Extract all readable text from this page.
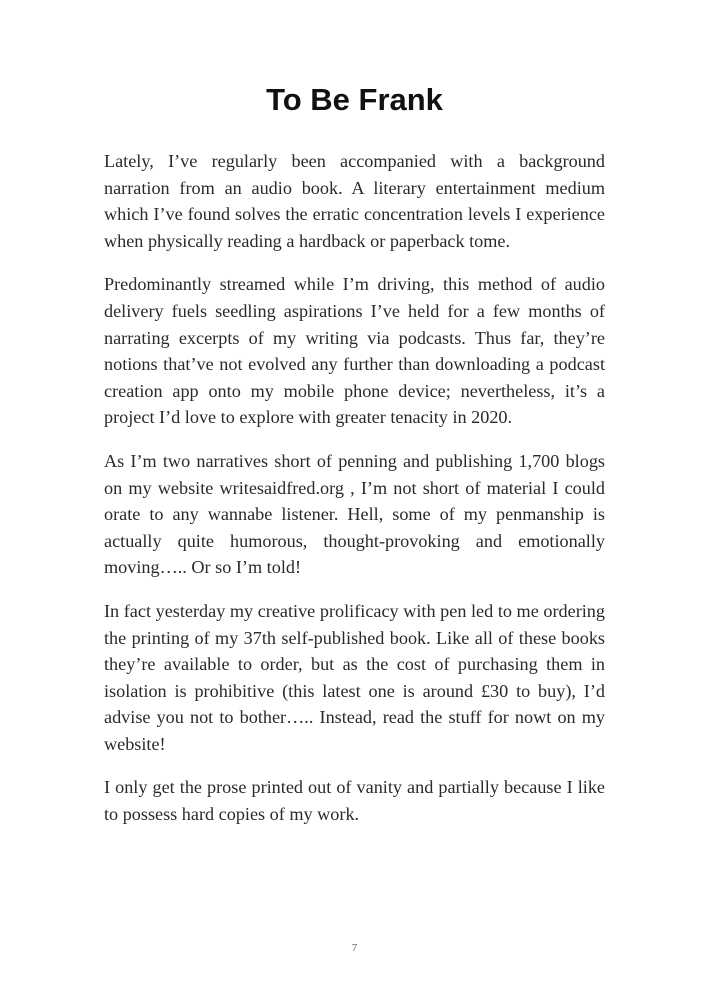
To Be Frank

Lately, I’ve regularly been accompanied with a background narration from an audio book. A literary entertainment medium which I’ve found solves the erratic concentration levels I experience when physically reading a hardback or paperback tome.

Predominantly streamed while I’m driving, this method of audio delivery fuels seedling aspirations I’ve held for a few months of narrating excerpts of my writing via podcasts. Thus far, they’re notions that’ve not evolved any further than downloading a podcast creation app onto my mobile phone device; nevertheless, it’s a project I’d love to explore with greater tenacity in 2020.

As I’m two narratives short of penning and publishing 1,700 blogs on my website writesaidfred.org , I’m not short of material I could orate to any wannabe listener. Hell, some of my penmanship is actually quite humorous, thought-provoking and emotionally moving….. Or so I’m told!

In fact yesterday my creative prolificacy with pen led to me ordering the printing of my 37th self-published book. Like all of these books they’re available to order, but as the cost of purchasing them in isolation is prohibitive (this latest one is around £30 to buy), I’d advise you not to bother….. Instead, read the stuff for nowt on my website!

I only get the prose printed out of vanity and partially because I like to possess hard copies of my work.

7
